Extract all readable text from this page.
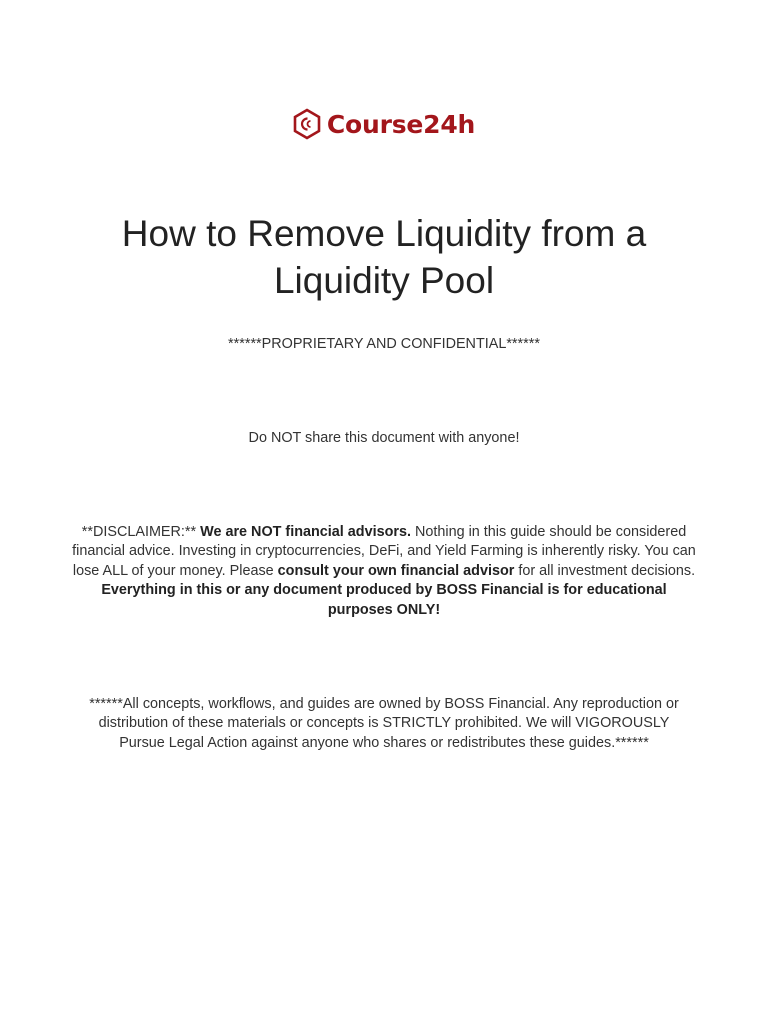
Course24h
How to Remove Liquidity from a Liquidity Pool

******PROPRIETARY AND CONFIDENTIAL******

Do NOT share this document with anyone!

**DISCLAIMER:** We are NOT financial advisors. Nothing in this guide should be considered financial advice. Investing in cryptocurrencies, DeFi, and Yield Farming is inherently risky. You can lose ALL of your money. Please consult your own financial advisor for all investment decisions. Everything in this or any document produced by BOSS Financial is for educational purposes ONLY!

******All concepts, workflows, and guides are owned by BOSS Financial. Any reproduction or distribution of these materials or concepts is STRICTLY prohibited. We will VIGOROUSLY Pursue Legal Action against anyone who shares or redistributes these guides.******
